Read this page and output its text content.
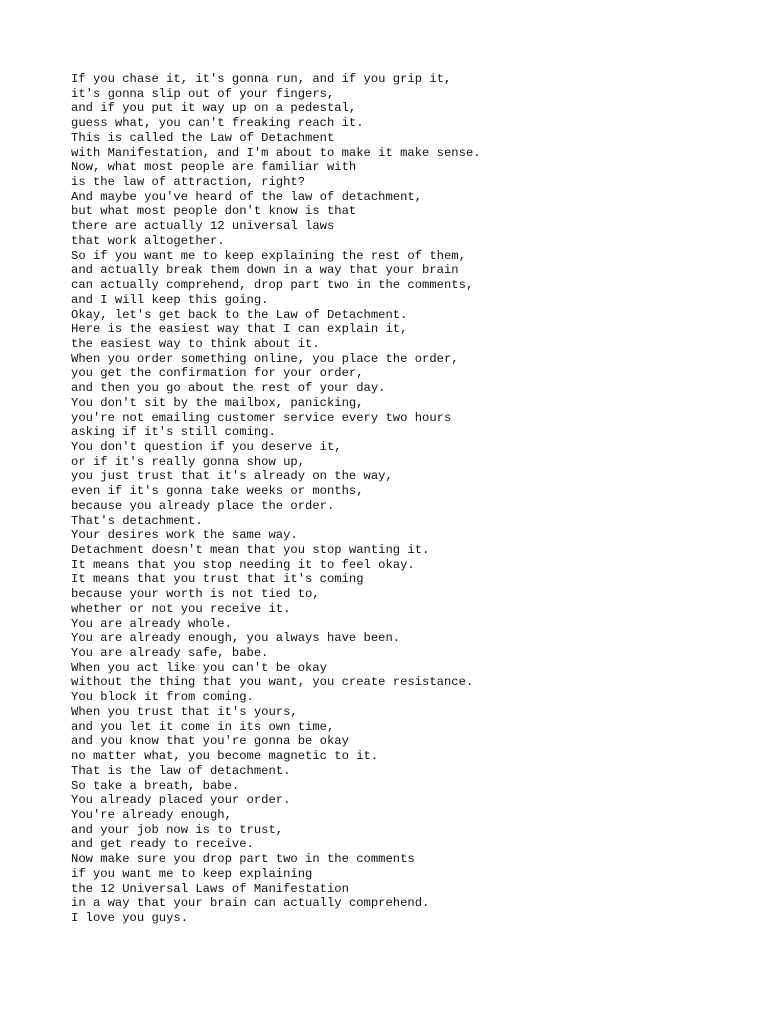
If you chase it, it's gonna run, and if you grip it,
it's gonna slip out of your fingers,
and if you put it way up on a pedestal,
guess what, you can't freaking reach it.
This is called the Law of Detachment
with Manifestation, and I'm about to make it make sense.
Now, what most people are familiar with
is the law of attraction, right?
And maybe you've heard of the law of detachment,
but what most people don't know is that
there are actually 12 universal laws
that work altogether.
So if you want me to keep explaining the rest of them,
and actually break them down in a way that your brain
can actually comprehend, drop part two in the comments,
and I will keep this going.
Okay, let's get back to the Law of Detachment.
Here is the easiest way that I can explain it,
the easiest way to think about it.
When you order something online, you place the order,
you get the confirmation for your order,
and then you go about the rest of your day.
You don't sit by the mailbox, panicking,
you're not emailing customer service every two hours
asking if it's still coming.
You don't question if you deserve it,
or if it's really gonna show up,
you just trust that it's already on the way,
even if it's gonna take weeks or months,
because you already place the order.
That's detachment.
Your desires work the same way.
Detachment doesn't mean that you stop wanting it.
It means that you stop needing it to feel okay.
It means that you trust that it's coming
because your worth is not tied to,
whether or not you receive it.
You are already whole.
You are already enough, you always have been.
You are already safe, babe.
When you act like you can't be okay
without the thing that you want, you create resistance.
You block it from coming.
When you trust that it's yours,
and you let it come in its own time,
and you know that you're gonna be okay
no matter what, you become magnetic to it.
That is the law of detachment.
So take a breath, babe.
You already placed your order.
You're already enough,
and your job now is to trust,
and get ready to receive.
Now make sure you drop part two in the comments
if you want me to keep explaining
the 12 Universal Laws of Manifestation
in a way that your brain can actually comprehend.
I love you guys.
